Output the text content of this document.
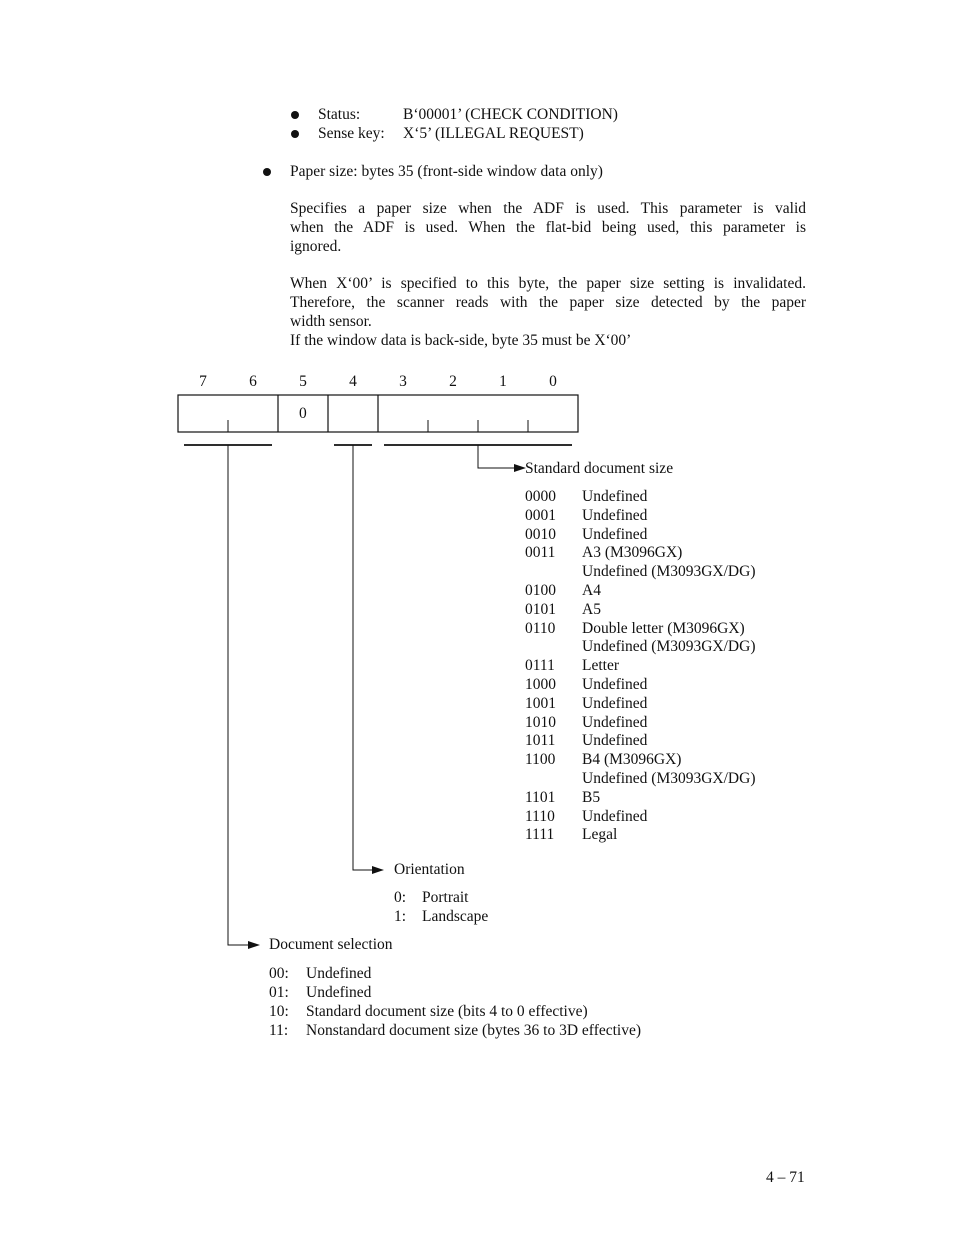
Status:	B‘00001’ (CHECK CONDITION)
Sense key: X‘5’ (ILLEGAL REQUEST)
Paper size: bytes 35 (front-side window data only)
Specifies a paper size when the ADF is used. This parameter is valid
when the ADF is used. When the flat-bid being used, this parameter is
ignored.
When X‘00’ is specified to this byte, the paper size setting is invalidated.
Therefore, the scanner reads with the paper size detected by the paper
width sensor.
If the window data is back-side, byte 35 must be X‘00’
7	6	5	4	3	2	1	0
0
Standard document size
0000 Undefined
0001 Undefined
0010 Undefined
0011 A3 (M3096GX)
Undefined (M3093GX/DG)
0100 A4
0101 A5
0110 Double letter (M3096GX)
Undefined (M3093GX/DG)
0111 Letter
1000 Undefined
1001 Undefined
1010 Undefined
1011 Undefined
1100 B4 (M3096GX)
Undefined (M3093GX/DG)
1101 B5
1110 Undefined
1111 Legal
Orientation
0: Portrait
1: Landscape
Document selection
00: Undefined
01: Undefined
10: Standard document size (bits 4 to 0 effective)
11: Nonstandard document size (bytes 36 to 3D effective)
4 – 71
